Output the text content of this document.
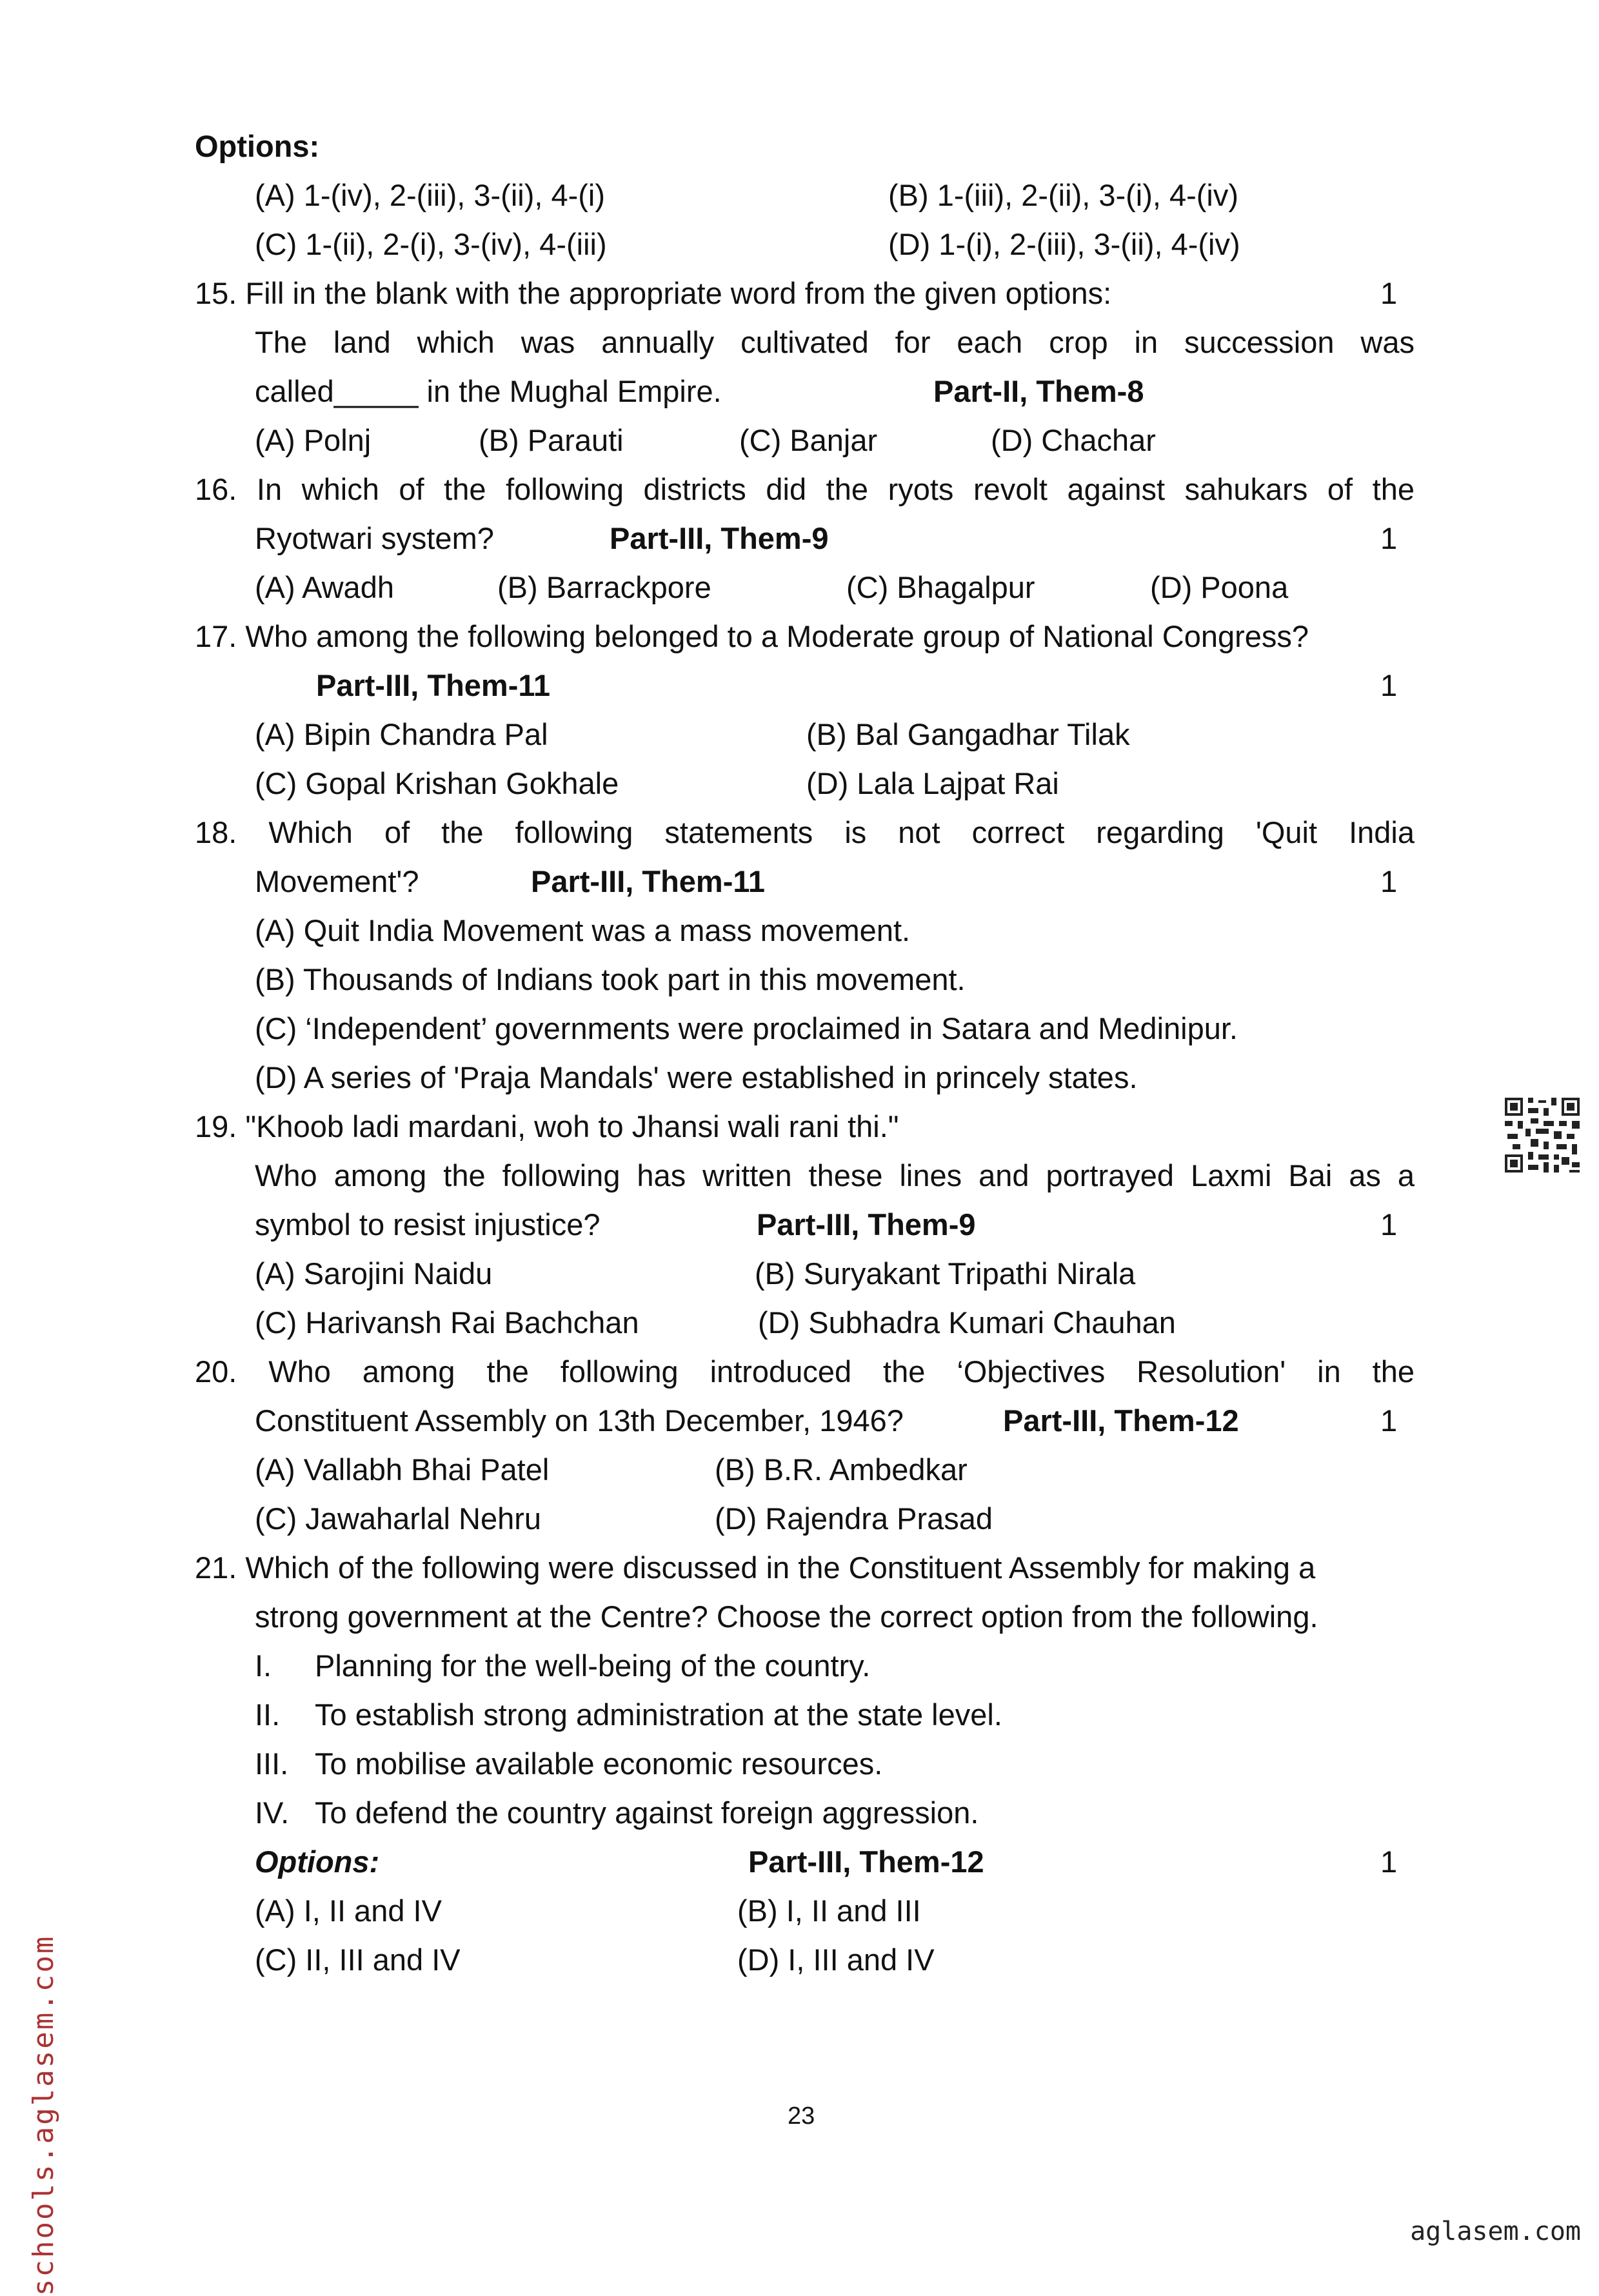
Options:
(A) 1-(iv), 2-(iii), 3-(ii), 4-(i)	(B) 1-(iii), 2-(ii), 3-(i), 4-(iv)
(C) 1-(ii), 2-(i), 3-(iv), 4-(iii)	(D) 1-(i), 2-(iii), 3-(ii), 4-(iv)
15. Fill in the blank with the appropriate word from the given options:	1
The land which was annually cultivated for each crop in succession was
called_____ in the Mughal Empire.	Part-II, Them-8
(A) Polnj	(B) Parauti	(C) Banjar	(D) Chachar
16. In which of the following districts did the ryots revolt against sahukars of the
Ryotwari system?	Part-III, Them-9	1
(A) Awadh	(B) Barrackpore	(C) Bhagalpur	(D) Poona
17. Who among the following belonged to a Moderate group of National Congress?
Part-III, Them-11	1
(A) Bipin Chandra Pal	(B) Bal Gangadhar Tilak
(C) Gopal Krishan Gokhale	(D) Lala Lajpat Rai
18. Which of the following statements is not correct regarding 'Quit India
Movement'?	Part-III, Them-11	1
(A) Quit India Movement was a mass movement.
(B) Thousands of Indians took part in this movement.
(C) ‘Independent’ governments were proclaimed in Satara and Medinipur.
(D) A series of 'Praja Mandals' were established in princely states.
19. "Khoob ladi mardani, woh to Jhansi wali rani thi."
Who among the following has written these lines and portrayed Laxmi Bai as a
symbol to resist injustice?	Part-III, Them-9	1
(A) Sarojini Naidu	(B) Suryakant Tripathi Nirala
(C) Harivansh Rai Bachchan	(D) Subhadra Kumari Chauhan
20. Who among the following introduced the ‘Objectives Resolution' in the
Constituent Assembly on 13th December, 1946?	Part-III, Them-12	1
(A) Vallabh Bhai Patel	(B) B.R. Ambedkar
(C) Jawaharlal Nehru	(D) Rajendra Prasad
21. Which of the following were discussed in the Constituent Assembly for making a
strong government at the Centre? Choose the correct option from the following.
I. Planning for the well-being of the country.
II. To establish strong administration at the state level.
III. To mobilise available economic resources.
IV. To defend the country against foreign aggression.
Options:	Part-III, Them-12	1
(A) I, II and IV	(B) I, II and III
(C) II, III and IV	(D) I, III and IV
23
schools.aglasem.com	aglasem.com
